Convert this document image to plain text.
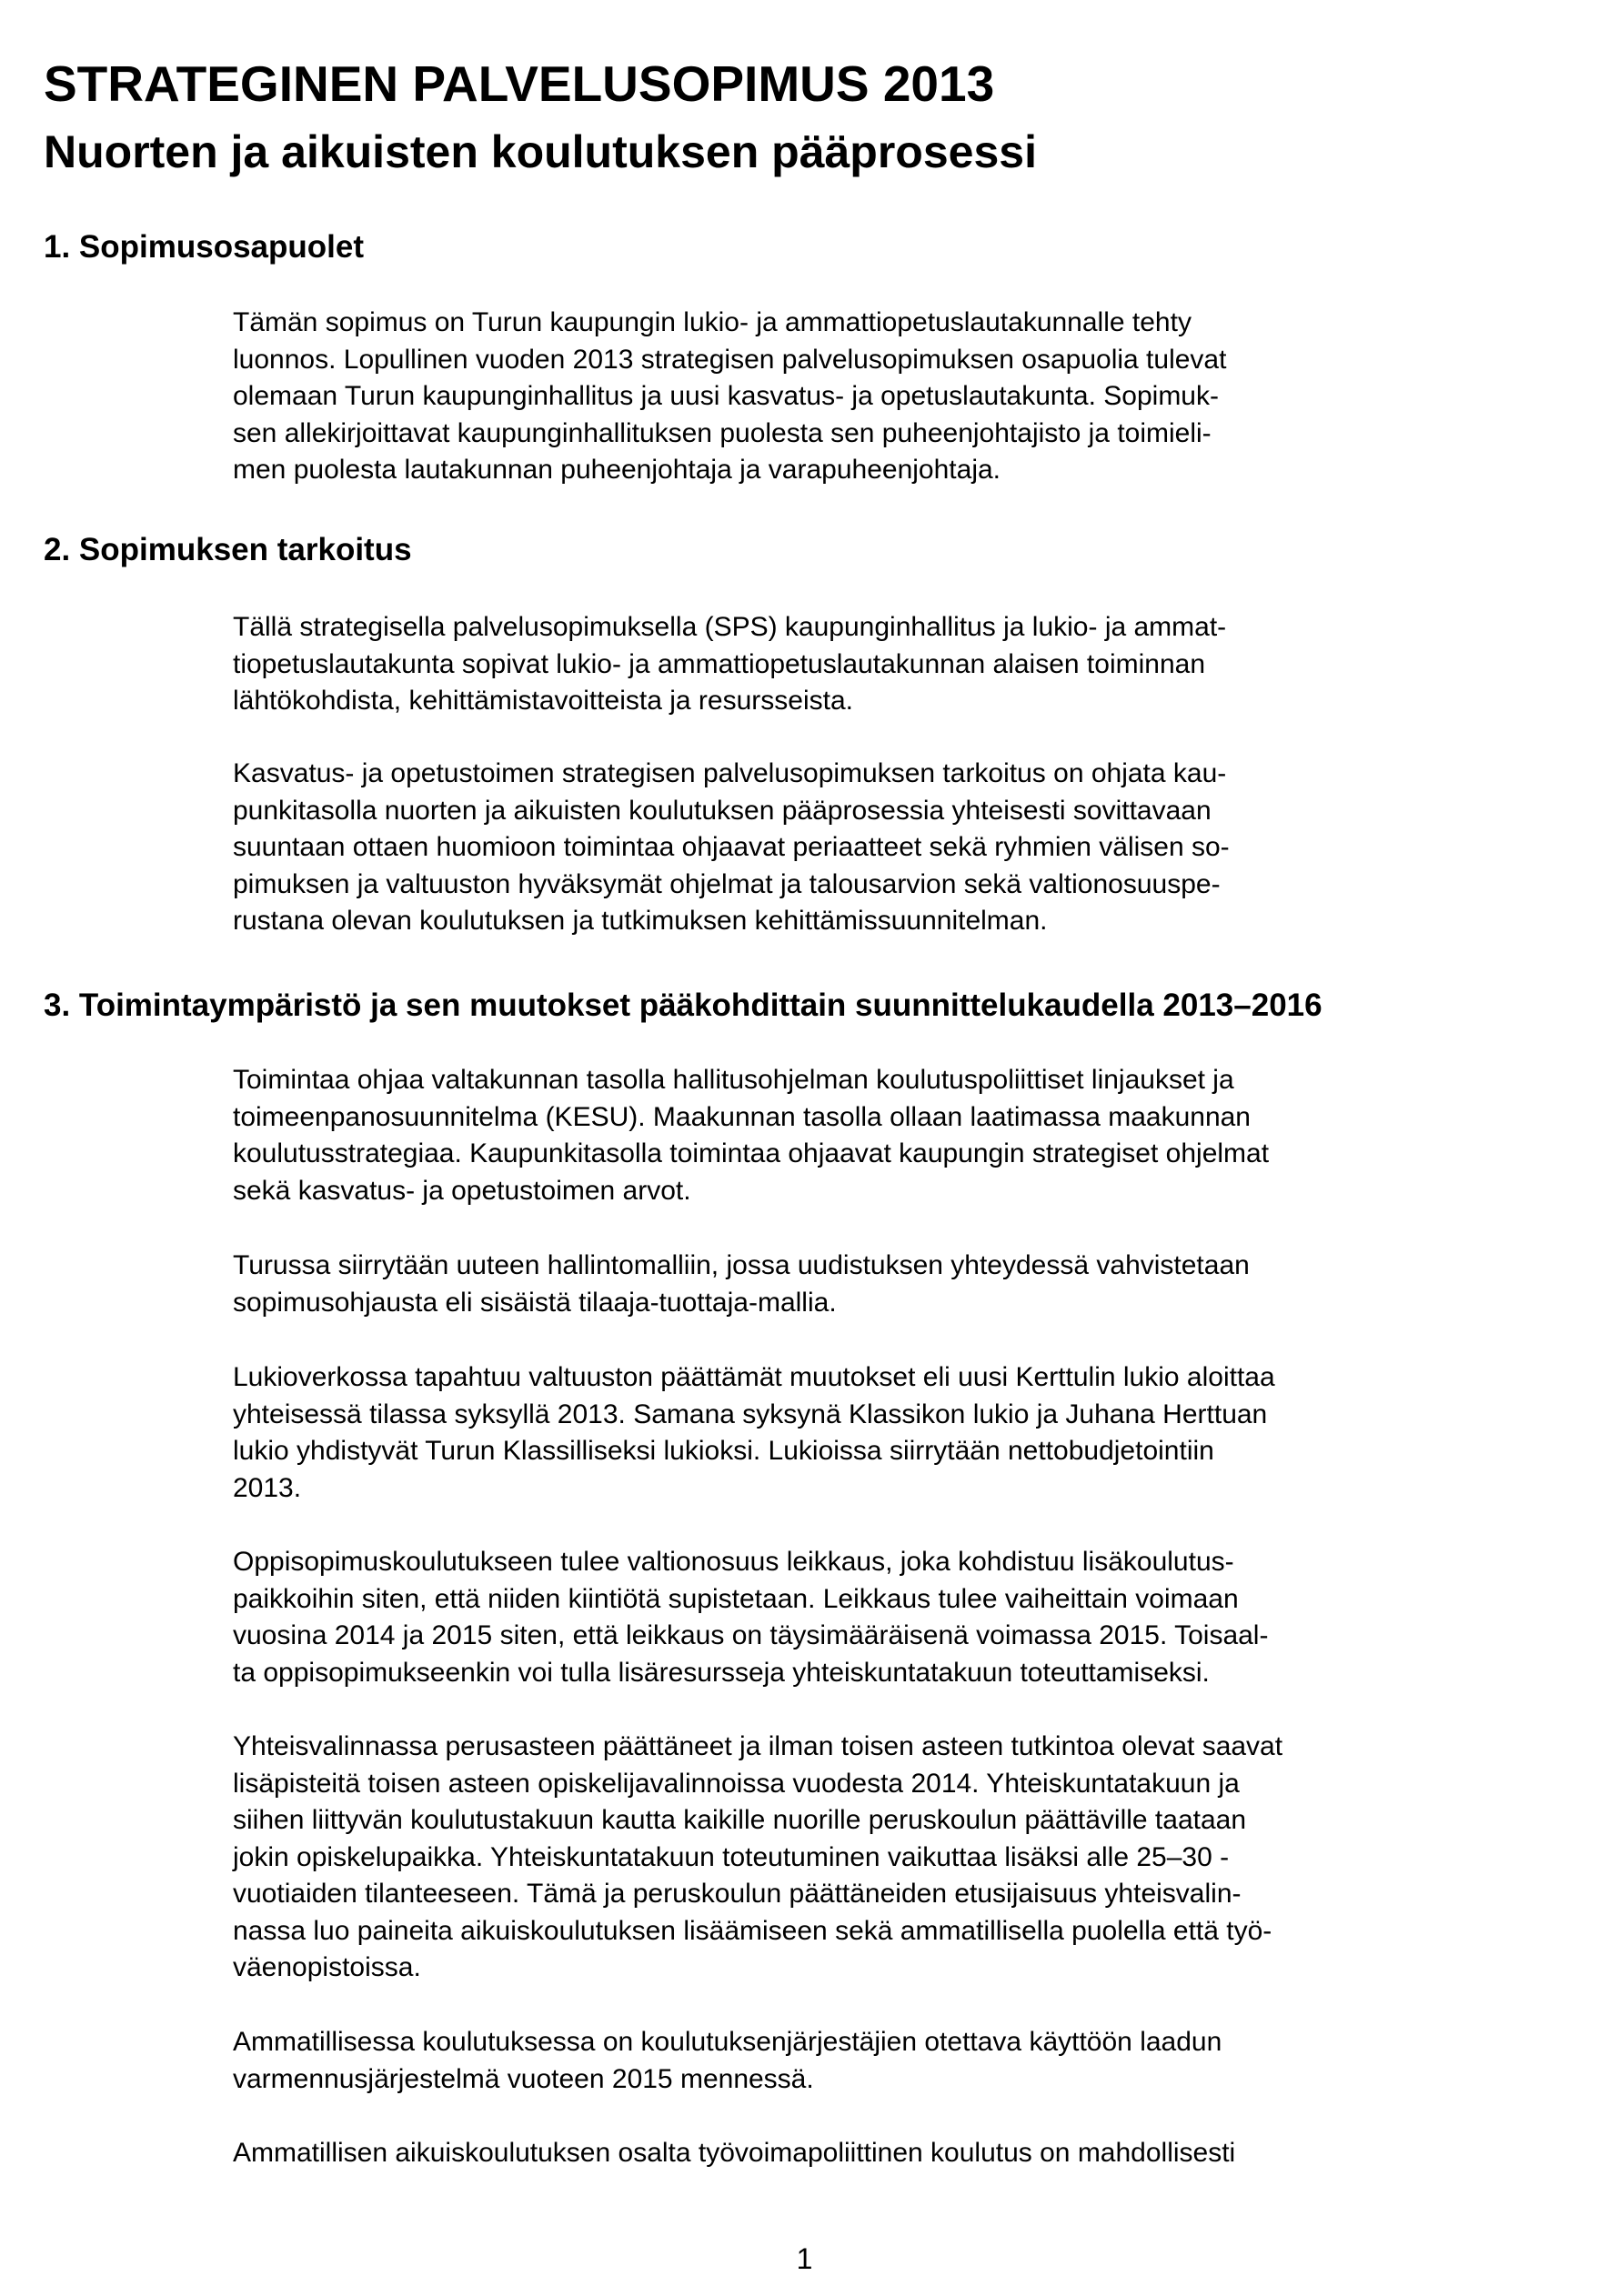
STRATEGINEN PALVELUSOPIMUS 2013
Nuorten ja aikuisten koulutuksen pääprosessi
1. Sopimusosapuolet
Tämän sopimus on Turun kaupungin lukio- ja ammattiopetuslautakunnalle tehty
luonnos. Lopullinen vuoden 2013 strategisen palvelusopimuksen osapuolia tulevat
olemaan Turun kaupunginhallitus ja uusi kasvatus- ja opetuslautakunta. Sopimuk-
sen allekirjoittavat kaupunginhallituksen puolesta sen puheenjohtajisto ja toimieli-
men puolesta lautakunnan puheenjohtaja ja varapuheenjohtaja.
2. Sopimuksen tarkoitus
Tällä strategisella palvelusopimuksella (SPS) kaupunginhallitus ja lukio- ja ammat-
tiopetuslautakunta sopivat lukio- ja ammattiopetuslautakunnan alaisen toiminnan
lähtökohdista, kehittämistavoitteista ja resursseista.
Kasvatus- ja opetustoimen strategisen palvelusopimuksen tarkoitus on ohjata kau-
punkitasolla nuorten ja aikuisten koulutuksen pääprosessia yhteisesti sovittavaan
suuntaan ottaen huomioon toimintaa ohjaavat periaatteet sekä ryhmien välisen so-
pimuksen ja valtuuston hyväksymät ohjelmat ja talousarvion sekä valtionosuuspe-
rustana olevan koulutuksen ja tutkimuksen kehittämissuunnitelman.
3. Toimintaympäristö ja sen muutokset pääkohdittain suunnittelukaudella 2013–2016
Toimintaa ohjaa valtakunnan tasolla hallitusohjelman koulutuspoliittiset linjaukset ja
toimeenpanosuunnitelma (KESU). Maakunnan tasolla ollaan laatimassa maakunnan
koulutusstrategiaa. Kaupunkitasolla toimintaa ohjaavat kaupungin strategiset ohjelmat
sekä kasvatus- ja opetustoimen arvot.
Turussa siirrytään uuteen hallintomalliin, jossa uudistuksen yhteydessä vahvistetaan
sopimusohjausta eli sisäistä tilaaja-tuottaja-mallia.
Lukioverkossa tapahtuu valtuuston päättämät muutokset eli uusi Kerttulin lukio aloittaa
yhteisessä tilassa syksyllä 2013. Samana syksynä Klassikon lukio ja Juhana Herttuan
lukio yhdistyvät Turun Klassilliseksi lukioksi. Lukioissa siirrytään nettobudjetointiin
2013.
Oppisopimuskoulutukseen tulee valtionosuus leikkaus, joka kohdistuu lisäkoulutus-
paikkoihin siten, että niiden kiintiötä supistetaan. Leikkaus tulee vaiheittain voimaan
vuosina 2014 ja 2015 siten, että leikkaus on täysimääräisenä voimassa 2015. Toisaal-
ta oppisopimukseenkin voi tulla lisäresursseja yhteiskuntatakuun toteuttamiseksi.
Yhteisvalinnassa perusasteen päättäneet ja ilman toisen asteen tutkintoa olevat saavat
lisäpisteitä toisen asteen opiskelijavalinnoissa vuodesta 2014. Yhteiskuntatakuun ja
siihen liittyvän koulutustakuun kautta kaikille nuorille peruskoulun päättäville taataan
jokin opiskelupaikka. Yhteiskuntatakuun toteutuminen vaikuttaa lisäksi alle 25–30 -
vuotiaiden tilanteeseen. Tämä ja peruskoulun päättäneiden etusijaisuus yhteisvalin-
nassa luo paineita aikuiskoulutuksen lisäämiseen sekä ammatillisella puolella että työ-
väenopistoissa.
Ammatillisessa koulutuksessa on koulutuksenjärjestäjien otettava käyttöön laadun
varmennusjärjestelmä vuoteen 2015 mennessä.
Ammatillisen aikuiskoulutuksen osalta työvoimapoliittinen koulutus on mahdollisesti
1
